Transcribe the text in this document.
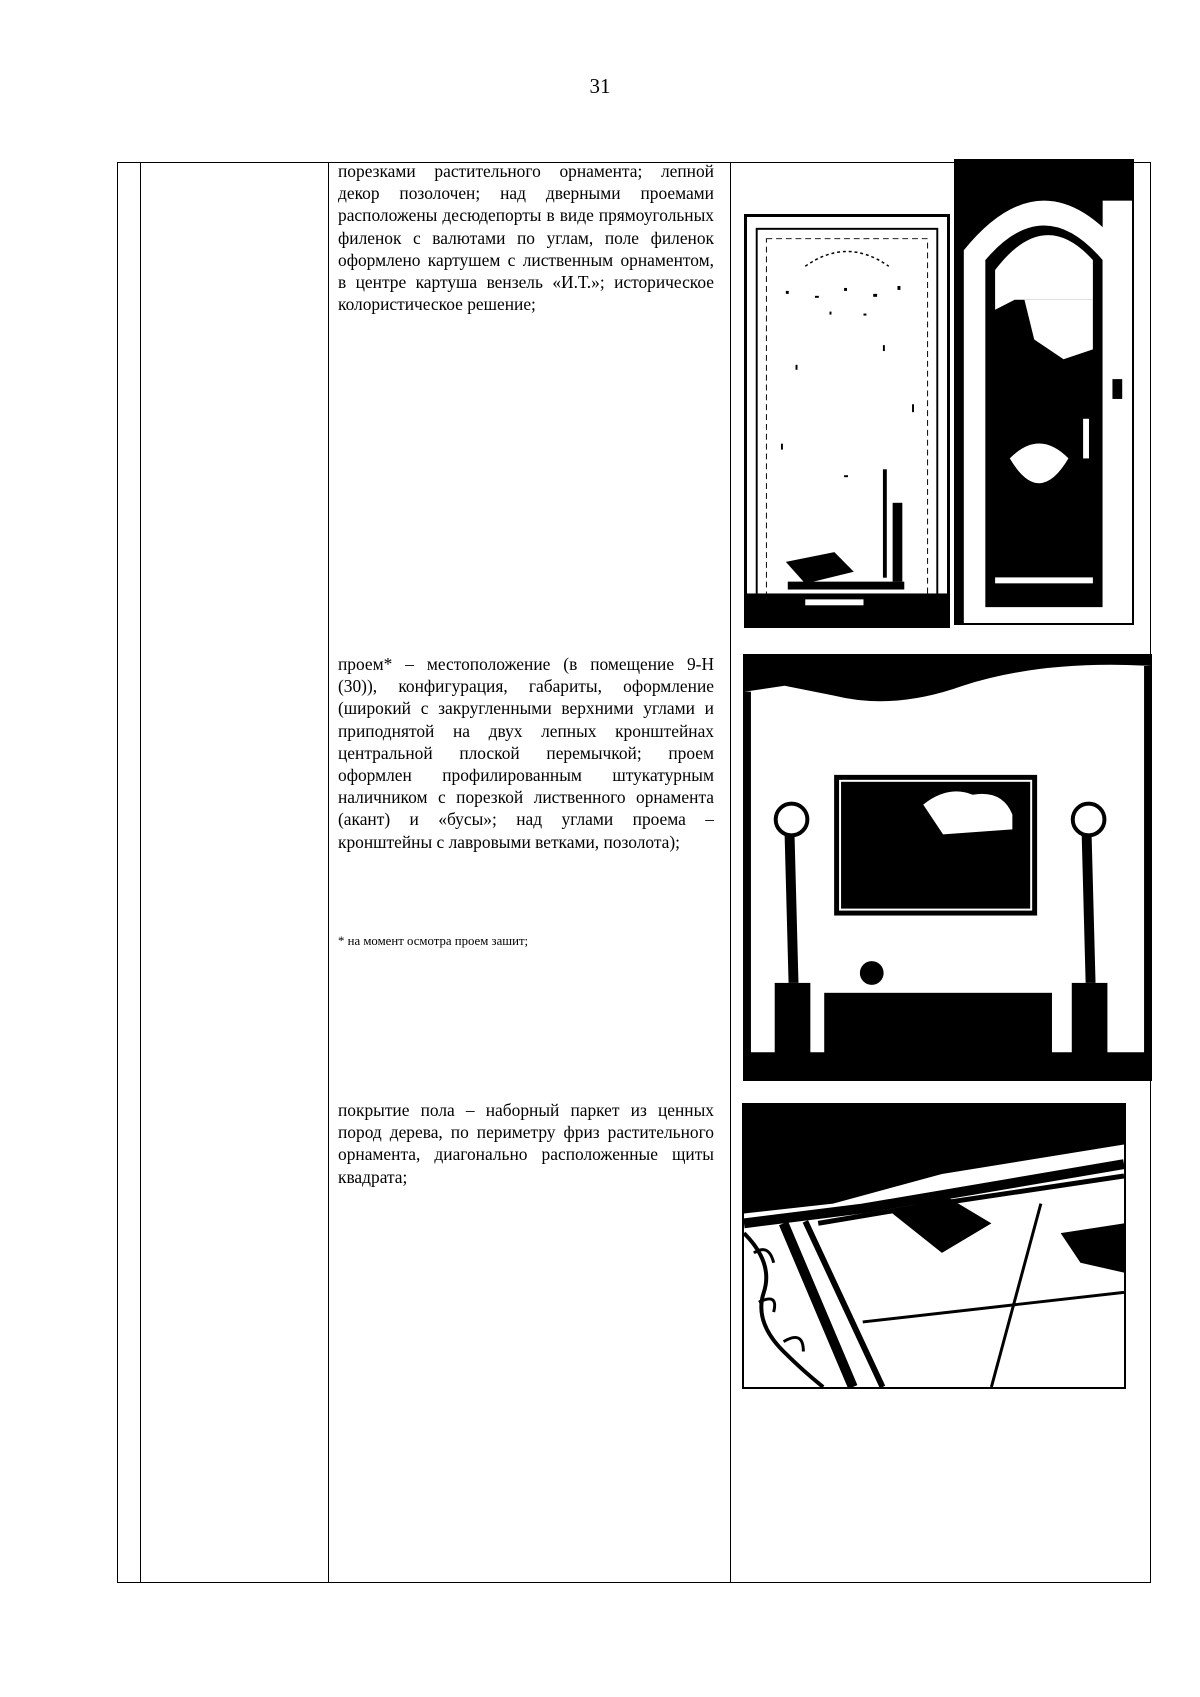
31
порезками растительного орнамента; лепной декор позолочен; над дверными проемами расположены десюдепорты в виде прямоугольных филенок с валютами по углам, поле филенок оформлено картушем с лиственным орнаментом, в центре картуша вензель «И.Т.»; историческое колористическое решение;
проем* – местоположение (в помещение 9-Н (30)), конфигурация, габариты, оформление (широкий с закругленными верхними углами и приподнятой на двух лепных кронштейнах центральной плоской перемычкой; проем оформлен профилированным штукатурным наличником с порезкой лиственного орнамента (акант) и «бусы»; над углами проема – кронштейны с лавровыми ветками, позолота);
* на момент осмотра проем зашит;
покрытие пола – наборный паркет из ценных пород дерева, по периметру фриз растительного орнамента, диагонально расположенные щиты квадрата;
